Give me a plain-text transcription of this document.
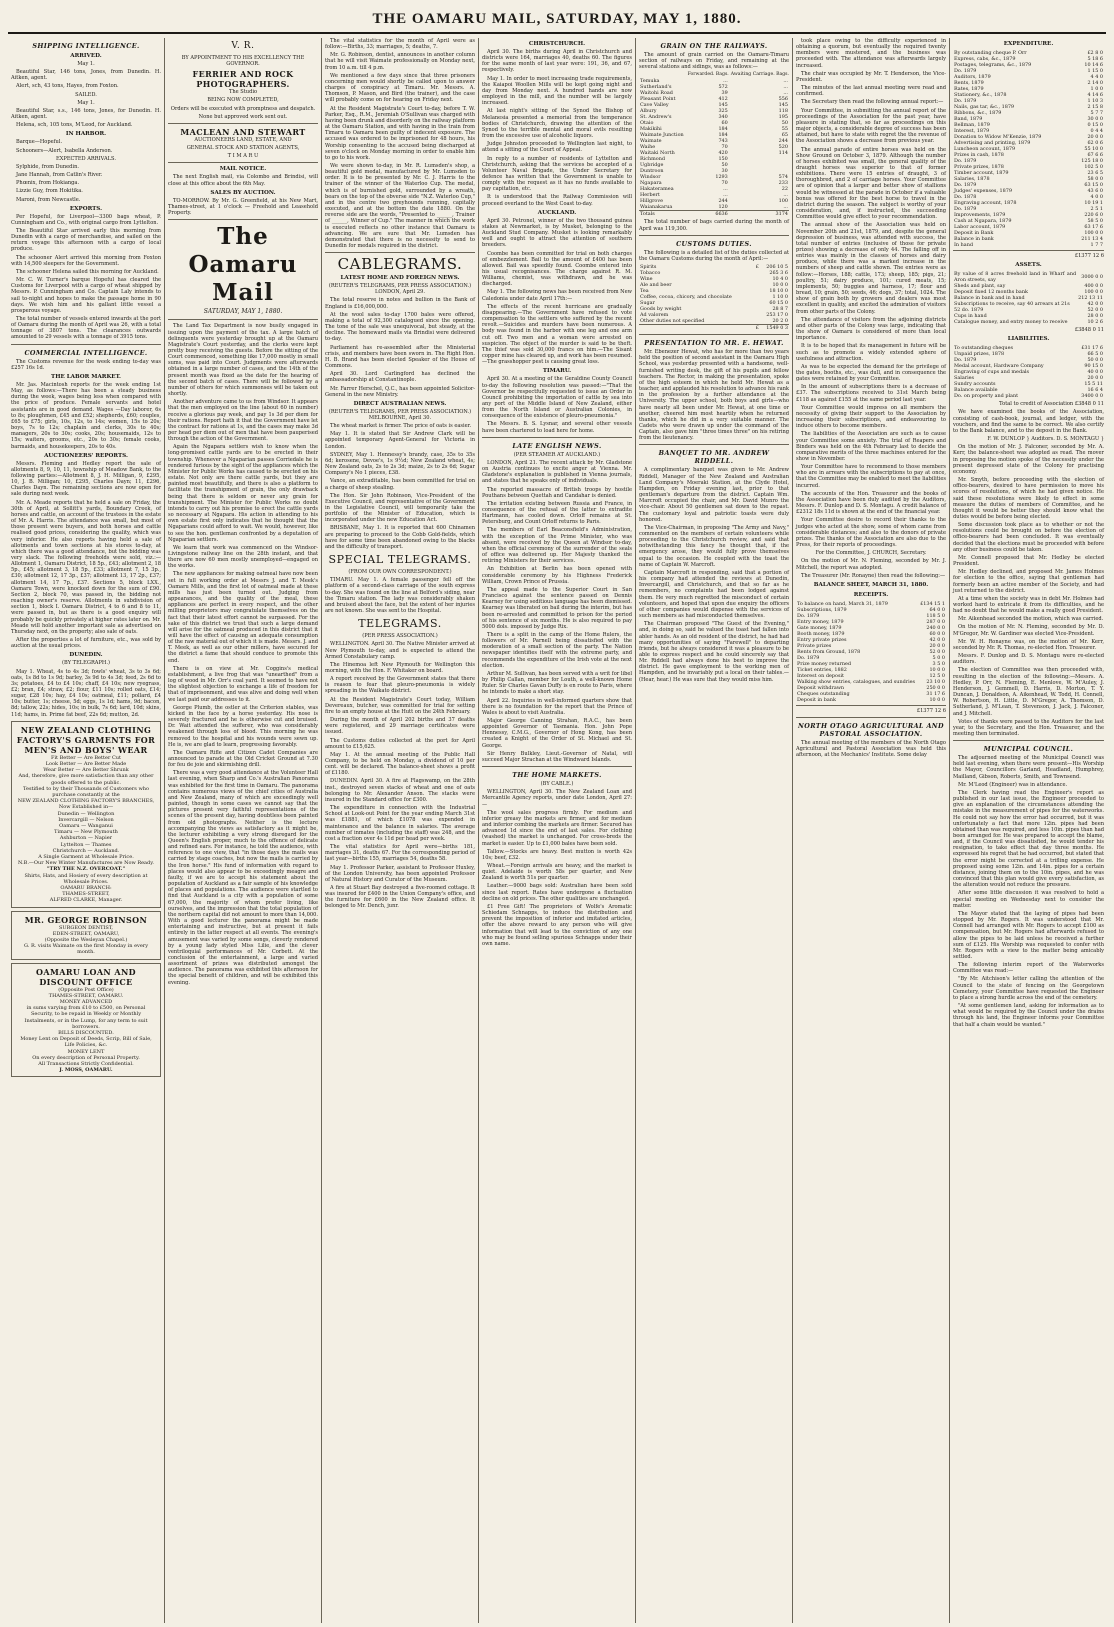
THE OAMARU MAIL, SATURDAY, MAY 1, 1880.
SHIPPING INTELLIGENCE.
ARRIVED.

May 1.

Beautiful Star, 146 tons, Jones, from Dunedin. H. Aitken, agent.

Alert, sch, 43 tons, Hayes, from Foxton.

SAILED.

May 1.

Beautiful Star, s.s., 146 tons, Jones, for Dunedin. H. Aitken, agent.

Helena, sch, 105 tons, M'Leod, for Auckland.

IN HARBOR.

Barque—Hopeful.

Schooners—Alert, Isabella Anderson.

EXPECTED ARRIVALS.

Sylphide, from Dunedin.

Jane Hannah, from Catlin's River.

Phœnix, from Hokianga.

Lizzie Guy, from Hokitika.

Maroni, from Newcastle.

EXPORTS.

Per Hopeful, for Liverpool—3300 bags wheat, P. Cunningham and Co., with original cargo from Lyttelton.

The Beautiful Star arrived early this morning from Dunedin with a cargo of merchandise, and sailed on the return voyage this afternoon with a cargo of local produce.

The schooner Alert arrived this morning from Foxton with 14,500 sleepers for the Government.

The schooner Helena sailed this morning for Auckland.

Mr. C. W. Turner's barque Hopeful has cleared the Customs for Liverpool with a cargo of wheat shipped by Messrs. P. Cunningham and Co. Captain Laly intends to sail to-night and hopes to make the passage home in 90 days. We wish him and his gallant little vessel a prosperous voyage.

The total number of vessels entered inwards at the port of Oamaru during the month of April was 26, with a total tonnage of 3807 tons. The clearances outwards amounted to 29 vessels with a tonnage of 3915 tons.

COMMERCIAL INTELLIGENCE.

The Customs revenue for the week ending to-day was £257 16s 1d.

THE LABOR MARKET.

Mr. Jas. Macintosh reports for the week ending 1st May, as follows:—There has been a steady business during the week, wages being less when compared with the price of produce. Female servants and hotel assistants are in good demand. Wages —Day laborer, 6s to 8s; ploughmen, £45 and £52; shepherds, £60; couples, £65 to £75; girls, 10s, 12s, to 14s; women, 15s to 20s; boys, 7s to 12s; chaplain and clerks, 30s to 40s; managers, 20s to 30s; cooks, 20s; housemaids, 12s to 15s; waiters, grooms, etc., 20s to 30s; female cooks, barmaids, and housekeepers, 20s to 40s.

AUCTIONEERS' REPORTS.

Messrs. Fleming and Hedley report the sale of allotments 8, 9, 10, 11, township of Meadow Bank, to the following parties:—Allotment 8, J. H. Milligan, 9, £295, 10, J. B. Milligan; 10, £295, Charles Dayn; 11, £296, Charles Dayn. The remaining sections are now open for sale during next week.

Mr. A. Meade reports that he held a sale on Friday, the 30th of April, at Sollitt's yards, Boundary Creek, of horses and cattle, on account of the trustees in the estate of Mr. A. Harris. The attendance was small, but most of those present were buyers, and both horses and cattle realised good prices, considering the quality, which was very inferior. He also reports having held a sale of allotments and town sections at his stores to-day, at which there was a good attendance, but the bidding was very slack. The following freeholds were sold, viz.:—Allotment 1, Oamaru District, 18 5p., £43; allotment 2, 18 5p., £45; allotment 3, 18 5p., £33; allotment 7, 15 3p., £30; allotment 12, 17 3p., £37; allotment 13, 17 2p., £37; allotment 14, 17 7p., £37. Sections 5, block LXX., Oamaru Town, were knocked down for the sum of £90. Section 2, block 70, was passed in, the bidding not reaching owner's reserve. Allotments in subdivision of section 1, block I. Oamaru District, 4 to 6 and 8 to 11, were passed in, but as there is a good enquiry will probably be quickly privately at higher rates later on. Mr. Meade will hold another important sale as advertised on Thursday next, on the property; also sale of oats.

After the properties a lot of furniture, etc., was sold by auction at the usual prices.

DUNEDIN.

(BY TELEGRAPH.)

May 1. Wheat, 4s to 4s 3d; fowls' wheat, 3s to 3s 6d; oats, 1s 8d to 1s 9d; barley, 3s 9d to 4s 3d; feed, 2s 6d to 3s; potatoes, £4 to £4 10s; chaff, £4 10s; new ryegrass, £2; bran, £4; straw, £2; flour, £11 10s; rolled oats, £14; sugar, £28 10s; hay, £4 10s; oatmeal, £11; pollard, £4 10s; butter, 1s; cheese, 5d; eggs, 1s 1d; hams, 9d; bacon, 8d; tallow, 22s; hides, 10s; in bulk, 7s 6d; lard, 10d; skins, 11d; hams, in. Prime fat beef, 22s 6d; mutton, 2d.

NEW ZEALAND CLOTHING FACTORY'S GARMENTS FOR MEN'S AND BOYS' WEAR
Fit Better — Are Better Cut
Look Better — Are Better Made
Wear Better — Are Better Shrunk
And, therefore, give more satisfaction than any other goods offered to the public.
Testified to by their Thousands of Customers who purchase constantly at the
NEW ZEALAND CLOTHING FACTORY'S BRANCHES,
Now Established in—
Dunedin — Wellington
Invercargill — Nelson
Oamaru — Wanganui
Timaru — New Plymouth
Ashburton — Napier
Lyttelton — Thames
Christchurch — Auckland.
A Single Garment at Wholesale Price.
N.B.—Our New Winter Manufactures are Now Ready.
"TRY THE N.Z. OVERCOAT."
Shirts, Hats, and Hosiery of every description at Wholesale Prices.
OAMARU BRANCH:
THAMES-STREET,
ALFRED CLARKE, Manager.
MR. GEORGE ROBINSON
SURGEON DENTIST,
EDEN-STREET, OAMARU,
(Opposite the Wesleyan Chapel.)
G. R. visits Waimate on the first Monday in every month.
OAMARU LOAN AND DISCOUNT OFFICE
(Opposite Post Office)
THAMES-STREET, OAMARU.
MONEY ADVANCED
in sums varying from £10 to £500, on Personal Security, to be repaid in Weekly or Monthly Instalments, or in the Lump, for any term to suit borrowers.
BILLS DISCOUNTED.
Money Lent on Deposit of Deeds, Scrip, Bill of Sale, Life Policies, &c.
MONEY LENT
On every description of Personal Property.
All Transactions Strictly Confidential.
J. MOSS, OAMARU.
V. R.

BY APPOINTMENT TO HIS EXCELLENCY THE GOVERNOR.

FERRIER AND ROCK PHOTOGRAPHERS.

The Studio

BEING NOW COMPLETED,

Orders will be executed with promptness and despatch.

None but approved work sent out.

MACLEAN AND STEWART

AUCTIONEERS LAND, ESTATE, AND

GENERAL STOCK AND STATION AGENTS,

T I M A R U

MAIL NOTICE.

The next English mail, via Colombo and Brindisi, will close at this office about the 6th May.

SALES BY AUCTION.

TO-MORROW. By Mr. G. Greenfield, at his New Mart, Thames-street, at 1 o'clock — Freehold and Leasehold Property.

The Oamaru Mail
SATURDAY, MAY 1, 1880.

The Land Tax Department is now busily engaged in issuing upon the payment of the tax. A large batch of delinquents were yesterday brought up at the Oamaru Magistrate's Court yesterday, and the clerks were kept pretty busy receiving the guests. Before the sitting of the Court commenced, something like 17,000 mostly in small sums, was paid into Court. Judgments were afterwards obtained in a large number of cases, and the 14th of the present month was fixed as the date for the hearing of the second batch of cases. There will be followed by a number of others for which summonses will be taken out shortly.

Another adventure came to us from Windsor. It appears that the men employed on the line (about 60 in number) receive a glorious pay week, and pay 1s 3d per diem for their rations. Report hath it that the Government have let the contract for rations at 1s, and the cases may make 3d per head per diem out of men that have been pauperised through the action of the Government.

Again the Ngapara settlers wish to know when the long-promised cattle yards are to be erected in their township. Whenever a Ngaparian passes Corriedale he is rendered furious by the sight of the appliances which the Minister for Public Works has caused to be erected on his estate. Not only are there cattle yards, but they are painted most beautifully, and there is also a platform to facilitate the transhipment of grain, the only drawback being that there is seldom or never any grain for transhipment. The Minister for Public Works no doubt intends to carry out his promise to erect the cattle yards so necessary at Ngapara. His action in attending to his own estate first only indicates that he thought that the Ngaparians could afford to wait. We would, however, like to see the hon. gentleman confronted by a deputation of Ngaparian settlers.

We learn that work was commenced on the Windsor-Livingstone railway line on the 28th instant, and that there are now 60 men mostly unemployed—engaged on the works.

The new appliances for making oatmeal have now been set in full working order at Messrs J. and T. Meek's Oamaru Mills, and the first lot of oatmeal made at these mills has just been turned out. Judging from appearances, and the quality of the meal, these appliances are perfect in every respect, and the other milling proprietors may congratulate themselves on the fact that their latest effort cannot be surpassed. For the sake of this district we trust that such a large demand will arise for the oatmeal produced in this district that it will have the effect of causing an adequate consumption of the raw material out of which it is made. Messrs. J. and T. Meek, as well as our other millers, have secured for the district a fame that should conduce to promote this end.

There is on view at Mr. Coggins's medical establishment, a live frog that was "unearthed" from a log of wood in Mr. Orr's coal yard. It seemed to have not the slightest objection to exchange a life of freedom for that of imprisonment, and was alive and doing well when we last paid our addresses to it.

George Plumb, the ostler at the Criterion stables, was kicked in the face by a horse yesterday. His nose is severely fractured and he is otherwise cut and bruised. Dr. Wait attended the sufferer, who was considerably weakened through loss of blood. This morning he was removed to the hospital and his wounds were sewn up. He is, we are glad to learn, progressing favorably.

The Oamaru Rifle and Citizen Cadet Companies are announced to parade at the Old Cricket Ground at 7.30 for feu de joie and skirmishing drill.

There was a very good attendance at the Volunteer Hall last evening, when Sharp and Co.'s Australian Panorama was exhibited for the first time in Oamaru. The panorama contains numerous views of the chief cities of Australia and New Zealand, many of which are exceedingly well painted, though in some cases we cannot say that the pictures present very faithful representations of the scenes of the present day, having doubtless been painted from old photographs. Neither is the lecture accompanying the views as satisfactory as it might be, the lecturer exhibiting a very strong disregard for the Queen's English proper, much to the offence of delicate and refined ears. For instance, he told the audience, with reference to one view, that "in those days the mails was carried by stage coaches, but now the mails is carried by the Iron horse." His fund of information with regard to places would also appear to be exceedingly meagre and faulty, if we are to accept his statement about the population of Auckland as a fair sample of his knowledge of places and populations. The audience were startled to find that Auckland is a city with a population of some 67,000, the majority of whom prefer living, like ourselves, and the impression that the total population of the northern capital did not amount to more than 14,000. With a good lecturer the panorama might be made entertaining and instructive, but at present it fails entirely in the latter respect at all events. The evening's amusement was varied by some songs, cleverly rendered by a young lady styled Miss Lilie, and the clever ventriloquial performances of Mr. Corbett. At the conclusion of the entertainment, a large and varied assortment of prizes was distributed amongst the audience. The panorama was exhibited this afternoon for the special benefit of children, and will be exhibited this evening.

The vital statistics for the month of April were as follow:—Births, 33; marriages, 5; deaths, 7.

Mr. G. Robinson, dentist, announces in another column that he will visit Waimate professionally on Monday next, from 10 a.m. till 4 p.m.

We mentioned a few days since that three prisoners concerning men would shortly be called upon to answer charges of conspiracy at Timaru. Mr. Messrs. A. Thomson, P. Mason, and Bird (the trainer), and the case will probably come on for hearing on Friday next.

At the Resident Magistrate's Court to-day, before T. W. Parker, Esq., R.M., Jeremiah O'Sullivan was charged with having been drunk and disorderly on the railway platform at the Oamaru Station, and with having in the train from Timaru to Oamaru been guilty of indecent exposure. The accused was ordered to be imprisoned for 48 hours, his Worship consenting to the accused being discharged at seven o'clock on Monday morning in order to enable him to go to his work.

We were shown to-day, in Mr. R. Lumsden's shop, a beautiful gold medal, manufactured by Mr. Lumsden to order. It is to be presented by Mr. C. J. Harris to the trainer of the winner of the Waterloo Cup. The medal, which is of burnished gold, surrounded by a wreath, bears on the top of the obverse side "N.Z. Waterloo Cup," and in the centre two greyhounds running, capitally executed, and at the bottom the date 1880. On the reverse side are the words, "Presented to ______, Trainer of ______, Winner of Cup." The manner in which the work is executed reflects no other instance that Oamaru is advancing. We are sure that Mr. Lumsden has demonstrated that there is no necessity to send to Dunedin for medals required in the district.

CABLEGRAMS.
LATEST HOME AND FOREIGN NEWS.

(REUTER'S TELEGRAMS, PER PRESS ASSOCIATION.) LONDON, April 29.

The total reserve in notes and bullion in the Bank of England is £16,000,000.

At the wool sales to-day 1700 bales were offered, making a total of 92,300 catalogued since the opening. The tone of the sale was unequivocal, but steady, at the decline. The homeward mails via Brindisi were delivered to-day.

Parliament has re-assembled after the Ministerial crisis, and members have been sworn in. The Right Hon. H. B. Brand has been elected Speaker of the House of Commons.

April 30. Lord Carlingford has declined the ambassadorship at Constantinople.

Mr. Farrer Herschel, Q.C., has been appointed Solicitor-General in the new Ministry.

DIRECT AUSTRALIAN NEWS.

(REUTER'S TELEGRAMS, PER PRESS ASSOCIATION.) MELBOURNE, April 30.

The wheat market is firmer. The price of oats is easier.

May 1. It is stated that Sir Andrew Clark will be appointed temporary Agent-General for Victoria in London.

SYDNEY, May 1. Hennessy's brandy, case, 35s to 35s 6d; kerosene, Devoe's, 1s 9½d; New Zealand wheat, 4s; New Zealand oats, 2s to 2s 3d; maize, 2s to 2s 6d; Sugar Company's No 1 pieces, £38.

Vance, an extraditable, has been committed for trial on a charge of sheep stealing.

The Hon. Sir John Robinson, Vice-President of the Executive Council, and representative of the Government in the Legislative Council, will temporarily take the portfolio of the Minister of Education, which is incorporated under the new Education Act.

BRISBANE, May 1. It is reported that 600 Chinamen are preparing to proceed to the Cobb Gold-fields, which have for some time been abandoned owing to the blacks and the difficulty of transport.

SPECIAL TELEGRAMS.

(FROM OUR OWN CORRESPONDENT.)

TIMARU. May 1. A female passenger fell off the platform of a second-class carriage of the south express to-day. She was found on the line at Belford's siding, near the Timaru station. The lady was considerably shaken and bruised about the face, but the extent of her injuries are not known. She was sent to the Hospital.

TELEGRAMS.

(PER PRESS ASSOCIATION.)

WELLINGTON. April 30. The Native Minister arrived at New Plymouth to-day, and is expected to attend the Armed Constabulary camp.

The Hinemoa left New Plymouth for Wellington this morning, with the Hon. F. Whitaker on board.

A report received by the Government states that there is reason to fear that pleuro-pneumonia is widely spreading in the Waikato district.

At the Resident Magistrate's Court today, William Devereaux, butcher, was committed for trial for setting fire to an empty house at the Hutt on the 24th February.

During the month of April 202 births and 37 deaths were registered, and 29 marriage certificates were issued.

The Customs duties collected at the port for April amount to £15,625.

May 1. At the annual meeting of the Public Hall Company, to be held on Monday, a dividend of 10 per cent. will be declared. The balance-sheet shows a profit of £1180.

DUNEDIN. April 30. A fire at Flagswamp, on the 28th inst., destroyed seven stacks of wheat and one of oats belonging to Mr. Alexander Anson. The stacks were insured in the Standard office for £300.

The expenditure in connection with the Industrial School at Look-out Point for the year ending March 31st was £1881, of which £1078 was expended in maintenance and the balance in salaries. The average number of inmates (including the staff) was 248, and the cost a fraction over 4s 11d per head per week.

The vital statistics for April were—births 181, marriages 31, deaths 67. For the corresponding period of last year—births 155, marriages 54, deaths 58.

May 1. Professor Parker, assistant to Professor Huxley, of the London University, has been appointed Professor of Natural History and Curator of the Museum.

A fire at Stuart Bay destroyed a five-roomed cottage. It was insured for £400 in the Union Company's office, and the furniture for £600 in the New Zealand office. It belonged to Mr. Dench, junr.

CHRISTCHURCH.

April 30. The births during April in Christchurch and districts were 164, marriages 40, deaths 60. The figures for the same month of last year were: 191, 36, and 67, respectively.

May 1. In order to meet increasing trade requirements, the Kaiapoi Woollen Mills will be kept going night and day from Monday next. A hundred hands are now employed in the mill, and the number will be largely increased.

At last night's sitting of the Synod the Bishop of Melanesia presented a memorial from the temperance bodies of Christchurch, drawing the attention of the Synod to the terrible mental and moral evils resulting from the excessive use of alcoholic liquors.

Judge Johnston proceeded to Wellington last night, to attend a sitting of the Court of Appeal.

In reply to a number of residents of Lyttelton and Christchurch, asking that the services be accepted of a Volunteer Naval Brigade, the Under Secretary for defence has written that the Government is unable to comply with the request as it has no funds available to pay capitation, etc.

It is understood that the Railway Commission will proceed overland to the West Coast to-day.

AUCKLAND.

April 30. Petronel, winner of the two thousand guinea stakes at Newmarket, is by Musket, belonging to the Auckland Stud Company. Musket is looking remarkably well and ought to attract the attention of southern breeders.

Coombe has been committed for trial on both charges of embezzlement. Bail to the amount of £400 has been allowed. Bail was speedily found. Coombe entered into his usual recognisances. The charge against R. M. Williams, chemist, was withdrawn, and he was discharged.

May 1. The following news has been received from New Caledonia under date April 17th:—

The effects of the recent hurricane are gradually disappearing.—The Government have refused to vote compensation to the settlers who suffered by the recent revolt.—Suicides and murders have been numerous. A body was found in the harbor with one leg and one arm cut off. Two men and a woman were arrested on suspicion. The object of the murder is said to be theft. The thief was sold 30,000 francs on him.—The Sisant copper mine has cleared up, and work has been resumed.—The grasshopper pest is causing great loss.

TIMARU.

April 30. At a meeting of the Geraldine County Council to-day the following resolution was passed:—"That the Governor be respectfully requested to issue an Order in Council prohibiting the importation of cattle by sea into any port of the Middle Island of New Zealand, either from the North Island or Australian Colonies, in consequence of the existence of pleuro-pneumonia."

The Messrs. B. S. Lysnar, and several other vessels have been chartered to load here for home.

LATE ENGLISH NEWS.

(PER STEAMER AT AUCKLAND.)

LONDON, April 21. The recent attack by Mr. Gladstone on Austria continues to excite anger at Vienna. Mr. Gladstone's explanation is published in Vienna journals, and states that he speaks only of individuals.

The reported massacre of British troops by hostile Pouthans between Quettah and Candahar is denied.

The irritation existing between Russia and France, in consequence of the refusal of the latter to extradite Hartmann, has cooled down. Orloff remains at St. Petersburg, and Count Orloff returns to Paris.

The members of Earl Beaconsfield's Administration, with the exception of the Prime Minister, who was absent, were received by the Queen at Windsor to-day, when the official ceremony of the surrender of the seals of office was delivered up. Her Majesty thanked the retiring Ministers for their services.

An Exhibition at Berlin has been opened with considerable ceremony by his Highness Frederick William, Crown Prince of Prussia.

The appeal made to the Superior Court in San Francisco against the sentence passed on Dennis Kearney for using seditious language has been dismissed. Kearney was liberated on bail during the interim, but has been re-arrested and committed to prison for the period of his sentence of six months. He is also required to pay 5000 dols. imposed by Judge Rix.

There is a split in the camp of the Home Rulers, the followers of Mr. Parnell being dissatisfied with the moderation of a small section of the party. The Nation newspaper identifies itself with the extreme party, and recommends the expenditure of the Irish vote at the next election.

Arthur M. Sullivan, has been served with a writ for libel by Philip Callan, member for Louth, a well-known Home Ruler. Sir Charles Gavan Duffy is en route to Paris, where he intends to make a short stay.

April 22. Inquiries in well-informed quarters show that there is no foundation for the report that the Prince of Wales is about to visit Australia.

Major George Canning Strahan, R.A.C., has been appointed Governor of Tasmania. Hon. John Pope Hennessy, C.M.G., Governor of Hong Kong, has been created a Knight of the Order of St. Michael and St. George.

Sir Henry Bulkley, Lieut.-Governor of Natal, will succeed Major Strachan at the Windward Islands.

THE HOME MARKETS.

(BY CABLE.)

WELLINGTON, April 30. The New Zealand Loan and Mercantile Agency reports, under date London, April 27:—

The wool sales progress firmly. For medium and inferior greasy the markets are firmer, and for medium and inferior combing the markets are firmer. Secured has advanced 1d since the end of last sales. For clothing (washed) the market is unchanged. For cross-breds the market is easier. Up to £1,000 bales have been sold.

Tallow.—Stocks are heavy. Best mutton is worth 42s 10s; beef, £32.

Wheat.—Foreign arrivals are heavy, and the market is quiet. Adelaide is worth 58s per quarter, and New Zealand is worth 51s per quarter.

Leather.—9000 bags sold: Australian have been sold since last report. Rates have undergone a fluctuation decline on old prices. The other qualities are unchanged.

£1 Free Gift! The proprietors of Wolfe's Aromatic Schiedam Schnapps, to induce the distribution and prevent the imposition of inferior and imitated articles, offer the above reward to any person who will give information that will lead to the conviction of any one who may be found selling spurious Schnapps under their own name.

GRAIN ON THE RAILWAYS.

The amount of grain carried on the Oamaru-Timaru section of railways on Friday, and remaining at the several stations and sidings, was as follows:—

	Forwarded. Bags.	Awaiting Carriage. Bags.
Temuka	...	...
Sutherland's	572	...
Waitohi Road	39	...
Pleasant Point	412	556
Cave Valley	145	145
Albury	325	118
St. Andrew's	340	195
Otaio	60	50
Makikihi	184	55
Waimate Junction	184	65
Waimate	743	244
Waihe	70	520
Waitaki North	420	114
Richmond	150	
Ugbridge	50	
Duntroon	30	
Windsor	1293	574
Ngapara	70	233
Hakateramea	...	22
Herbert	...	...
Hillgrove	244	100
Waianakarua	120	...
Totals	6636	3174

The total number of bags carried during the month of April was 119,300.

CUSTOMS DUTIES.

The following is a detailed list of the duties collected at the Oamaru Customs during the month of April:—

Spirits	£	206 10 5
Tobacco		265 3 6
Wine		10 4 0
Ale and beer		10 0 0
Tea		18 10 0
Coffee, cocoa, chicory, and chocolate		1 10 0
Sugar		60 15 0
Goods by weight		28 8 7
Ad valorem		253 17 0
Other duties not specified		20 2 0
	£	1549 0 3
PRESENTATION TO MR. E. HEWAT.

Mr. Ebenezer Hewat, who has for more than two years held the position of second assistant in the Oamaru High School, was yesterday presented with a handsome, well-furnished writing desk, the gift of his pupils and fellow teachers. The Rector, in making the presentation, spoke of the high esteem in which he held Mr. Hewat as a teacher, and applauded his resolution to advance his rank in the profession by a further attendance at the University. The upper school, both boys and girls—who have nearly all been under Mr. Hewat, at one time or another, cheered him most heartily when he returned thanks, which he did in a very suitable manner. The Cadets who were drawn up under the command of the Captain, also gave him "three times three" on his retiring from the lieutenancy.

BANQUET TO MR. ANDREW RIDDELL.

A complimentary banquet was given to Mr. Andrew Riddell, Manager of the New Zealand and Australian Land Company's Moeraki Station, at the Clyde Hotel, Hampden, on Friday evening last, prior to that gentleman's departure from the district. Captain Wm. Marcroft occupied the chair, and Mr. David Munro the vice-chair. About 50 gentlemen sat down to the repast. The customary loyal and patriotic toasts were duly honored.

The Vice-Chairman, in proposing "The Army and Navy," commented on the members of certain volunteers while proceeding to the Christchurch review, and said that notwithstanding this fancy he thought that, if the emergency arose, they would fully prove themselves equal to the occasion. He coupled with the toast the name of Captain W. Marcroft.

Captain Marcroft in responding, said that a portion of his company had attended the reviews at Dunedin, Invercargill, and Christchurch, and that so far as he remembers, no complaints had been lodged against them. He very much regretted the misconduct of certain volunteers, and hoped that upon due enquiry the officers of other companies would dispense with the services of such members as had misconducted themselves.

The Chairman proposed "The Guest of the Evening," and, in doing so, said he valued the toast had fallen into abler hands. As an old resident of the district, he had had many opportunities of saying "Farewell" to departing friends, but he always considered it was a pleasure to be able to express respect and he could sincerely say that Mr. Riddell had always done his best to improve the district. He gave employment to the working men of Hampden, and he invariably put a local on their tables.—(Hear, hear.) He was sure that they would miss him.

took place owing to the difficulty experienced in obtaining a quorum, but eventually the required twenty members were mustered, and the business was proceeded with. The attendance was afterwards largely increased.

The chair was occupied by Mr. T. Henderson, the Vice-President.

The minutes of the last annual meeting were read and confirmed.

The Secretary then read the following annual report:—

Your Committee, in submitting the annual report of the proceedings of the Association for the past year, have pleasure in stating that, so far as proceedings on this major objects, a considerable degree of success has been attained, but have to state with regret the the revenue of the Association shows a decrease from previous year.

The annual parade of entire horses was held on the Show Ground on October 3, 1879. Although the number of horses exhibited was small, the general quality of the draught horses was superior to that of former exhibitions. There were 15 entries of draught, 3 of thoroughbred, and 2 of carriage horses. Your Committee are of opinion that a larger and better show of stallions would be witnessed at the parade in October if a valuable bonus was offered for the best horse to travel in the district during the season. The subject is worthy of your consideration, and, if instructed, the succeeding Committee would give effect to your recommendation.

The annual show of the Association was held on November 20th and 21st, 1879, and, despite the general depression of business, was attended with success, the total number of entries (inclusive of those for private prizes) showing a decrease of only 44. The falling off in entries was mainly in the classes of horses and dairy produce, while there was a marked increase in the numbers of sheep and cattle shown. The entries were as follow:—Horses, 188; cattle, 173; sheep, 185; pigs, 21; poultry, 51; dairy produce, 101; cured meats, 15; implements, 50; buggies and harness, 17; flour and bread, 10; grain, 50; seeds, 46; dogs, 37; total, 1024. The show of grain both by growers and dealers was most excellent in quality, and excited the admiration of visitors from other parts of the Colony.

The attendance of visitors from the adjoining districts and other parts of the Colony was large, indicating that the show of Oamaru is considered of more than local importance.

It is to be hoped that its management in future will be such as to promote a widely extended sphere of usefulness and attraction.

As was to be expected the demand for the privilege of the gates, booths, etc., was dull, and in consequence the gates were retained by your Committee.

In the amount of subscriptions there is a decrease of £37. The subscriptions received to 31st March being £118 as against £155 at the same period last year.

Your Committee would impress on all members the necessity of giving their support to the Association by increasing their subscriptions, and endeavouring to induce others to become members.

The liabilities of the Association are such as to cause your Committee some anxiety. The trial of Reapers and Binders was held on the 4th February last to decide the comparative merits of the three machines entered for the show in November.

Your Committee have to recommend to those members who are in arrears with the subscriptions to pay at once, that the Committee may be enabled to meet the liabilities incurred.

The accounts of the Hon. Treasurer and the books of the Association have been duly audited by the Auditors, Messrs. F. Dunlop and D. S. Montagu. A credit balance of £2312 18s 11d is shown at the end of the financial year.

Your Committee desire to record their thanks to the judges who acted at the show, some of whom came from considerable distances; and also to the donors of private prizes. The thanks of the Association are also due to the Press, for their reports of proceedings.

For the Committee, J. CHURCH, Secretary.

On the motion of Mr. N. Fleming, seconded by Mr. J. Mitchell, the report was adopted.

The Treasurer (Mr. Ronayne) then read the following:—

BALANCE SHEET, MARCH 31, 1880.
RECEIPTS.
To balance on hand, March 31, 1879	£134 15 1
Subscriptions, 1879	64 0 0
Do. 1879	118 5 0
Entry money, 1879	287 0 0
Gate money, 1879	240 0 0
Booth money, 1879	60 0 0
Entry private prizes	42 0 0
Private prizes	20 0 0
Rents from Ground, 1878	52 0 0
Do. 1879	5 0 0
Prize money returned	3 5 0
Ticket entries, 1882	10 0 0
Interest on deposit	12 5 0
Walking show entries, catalogues, and sundries	23 10 0
Deposit withdrawn	250 0 0
Cheques outstanding	31 17 6
Deposit in bank	10 0 0

£1377 12 6

NORTH OTAGO AGRICULTURAL AND PASTORAL ASSOCIATION.

The annual meeting of the members of the North Otago Agricultural and Pastoral Association was held this afternoon, at the Mechanics' Institute. Some delay

EXPENDITURE.
By outstanding cheque P. Orr	£2 8 0
Express, cabs, &c., 1879	5 18 6
Postages, telegrams, &c., 1879	10 14 6
Do. 1879	1 15 0
Auditors, 1879	4 4 0
Rents, 1879	2 14 0
Rates, 1879	1 0 0
Stationery, &c., 1878	4 14 6
Do. 1879	1 10 3
Nails, gas tar, &c., 1879	2 15 8
Ribbons, &c., 1879	5 7 7
Band, 1879	30 0 0
Bellman, 1879	0 15 0
Interest, 1879	0 4 4
Donation to Widow M'Kenzie, 1879	20 0 0
Advertising and printing, 1879	62 0 6
Luncheon account, 1879	55 10 0
Prizes in cash, 1878	67 6 6
Do. 1879	125 18 0
Private prizes, 1878	102 5 0
Timber account, 1879	23 6 5
Salaries, 1878	58 0 0
Do. 1879	63 15 0
Judges' expenses, 1879	43 6 0
Do. 1878	4 0 0
Engraving account, 1878	10 19 1
Do. 1879	2 5 1
Improvements, 1879	220 6 0
Cash at Ngapara, 1879	58 5 0
Labor account, 1879	63 17 6
Deposit in Bank	100 0 0
Balance in bank	211 13 4
In hand	1 7 7

£1377 12 6

ASSETS.
By value of 8 acres freehold land in Wharf and Aron streets, say	3000 0 0
Sheds and plant, say	400 0 0
Deposit fixed 12 months bank	100 0 0
Balance in bank and in hand	212 13 11
Subscriptions to receive, say 40 arrears at 21s	42 0 0
52 do. 1879	52 0 0
Cups in hand	28 0 0
Catalogue money, and entry money to receive	10 2 6

£3848 0 11

LIABILITIES.
To outstanding cheques	£31 17 6
Unpaid prizes, 1878	66 5 0
Do. 1879	50 0 0
Medal account, Hardware Company	90 15 0
Engraving of cups and medals	40 0 0
Salaries	20 0 0
Sundry accounts	15 5 11
Balance available	16 6 4
Do. on property and plant	3400 0 0

Total to credit of Association £3848 0 11

We have examined the books of the Association, consisting of cash-book, journal, and ledger, with the vouchers, and find the same to be correct. We also certify to the Bank balance, and to the deposit in the Bank.

F. W. DUNLOP } Auditors. D. S. MONTAGU }

On the motion of Mr. J. Falconer, seconded by Mr. A. Kerr, the balance-sheet was adopted as read. The mover in proposing the motion spoke of the necessity under the present depressed state of the Colony for practising economy.

Mr. Smyth, before proceeding with the election of office-bearers, desired to have permission to move his scores of resolutions, of which he had given notice. He said these resolutions were likely to effect in some measure the duties of members of Committee, and he thought it would be better they should know what the duties would be before being elected.

Some discussion took place as to whether or not the resolutions could be brought on before the election of office-bearers had been concluded. It was eventually decided that the elections must be proceeded with before any other business could be taken.

Mr. Connell proposed that Mr. Hedley be elected President.

Mr. Hedley declined, and proposed Mr. James Holmes for election to the office, saying that gentleman had formerly been an active member of the Society, and had just returned to the district.

At a time when the society was in debt Mr. Holmes had worked hard to extricate it from its difficulties, and he had no doubt that he would make a really good President.

Mr. Aikenhead seconded the motion, which was carried.

On the motion of Mr. N. Fleming, seconded by Mr. D. M'Gregor, Mr. W. Gardiner was elected Vice-President.

Mr. W. H. Ronayne was, on the motion of Mr. Kerr, seconded by Mr. R. Thomas, re-elected Hon. Treasurer.

Messrs. F. Dunlop and D. S. Montagu were re-elected auditors.

The election of Committee was then proceeded with, resulting in the election of the following:—Messrs. A. Hedley, P. Orr, N. Fleming, E. Menlove, W. M'Auley, J. Henderson, J. Gemmell, D. Harris, D. Morton, T. Y. Duncan, J. Donaldson, A. Aikenhead, W. Todd, H. Connell, W. Robertson, H. Little, D. M'Gregor, A. Thomson, D. Sutherland, J. M'Lean, T. Stevenson, J. Jack, J. Falconer, and J. Mitchell.

Votes of thanks were passed to the Auditors for the last year, to the Secretary, and the Hon. Treasurer, and the meeting then terminated.

MUNICIPAL COUNCIL.

The adjourned meeting of the Municipal Council was held last evening, when there were present—His Worship the Mayor, Councillors Garland, Headland, Humphrey, Mailland, Gibson, Roberts, Smith, and Townsend.

Mr. M'Leod (Engineer) was in attendance.

The Clerk having read the Engineer's report as published in our last issue, the Engineer proceeded to give an explanation of the circumstances attending the mistake in the measurement of pipes for the waterworks. He could not say how the error had occurred, but it was unfortunately a fact that more 12in. pipes had been obtained than was required, and less 10in. pipes than had been arranged for. He was prepared to accept the blame, and, if the Council was dissatisfied, he would tender his resignation, to take effect that day three months. He expressed his regret that he had occurred, but stated that the error might be corrected at a trifling expense. He proposed using some 12in. and 14in. pipes for a certain distance, joining them on to the 10in. pipes, and he was convinced that this plan would give every satisfaction, as the alteration would not reduce the pressure.

After some little discussion it was resolved to hold a special meeting on Wednesday next to consider the matter.

The Mayor stated that the laying of pipes had been stopped by Mr. Rogers. It was understood that Mr. Connell had arranged with Mr. Rogers to accept £100 as compensation, but Mr. Rogers had afterwards refused to allow the pipes to be laid unless he received a further sum of £125. His Worship was requested to confer with Mr. Rogers with a view to the matter being amicably settled.

The following interim report of the Waterworks Committee was read:—

"By Mr. Aitchison's letter calling the attention of the Council to the state of fencing on the Georgetown Cemetery, your Committee have requested the Engineer to place a strong hurdle across the end of the cemetery.

"At some gentlemen land, asking for information as to what would be required by the Council under the drains through his land, the Engineer informs your Committee that half a chain would be wanted."
